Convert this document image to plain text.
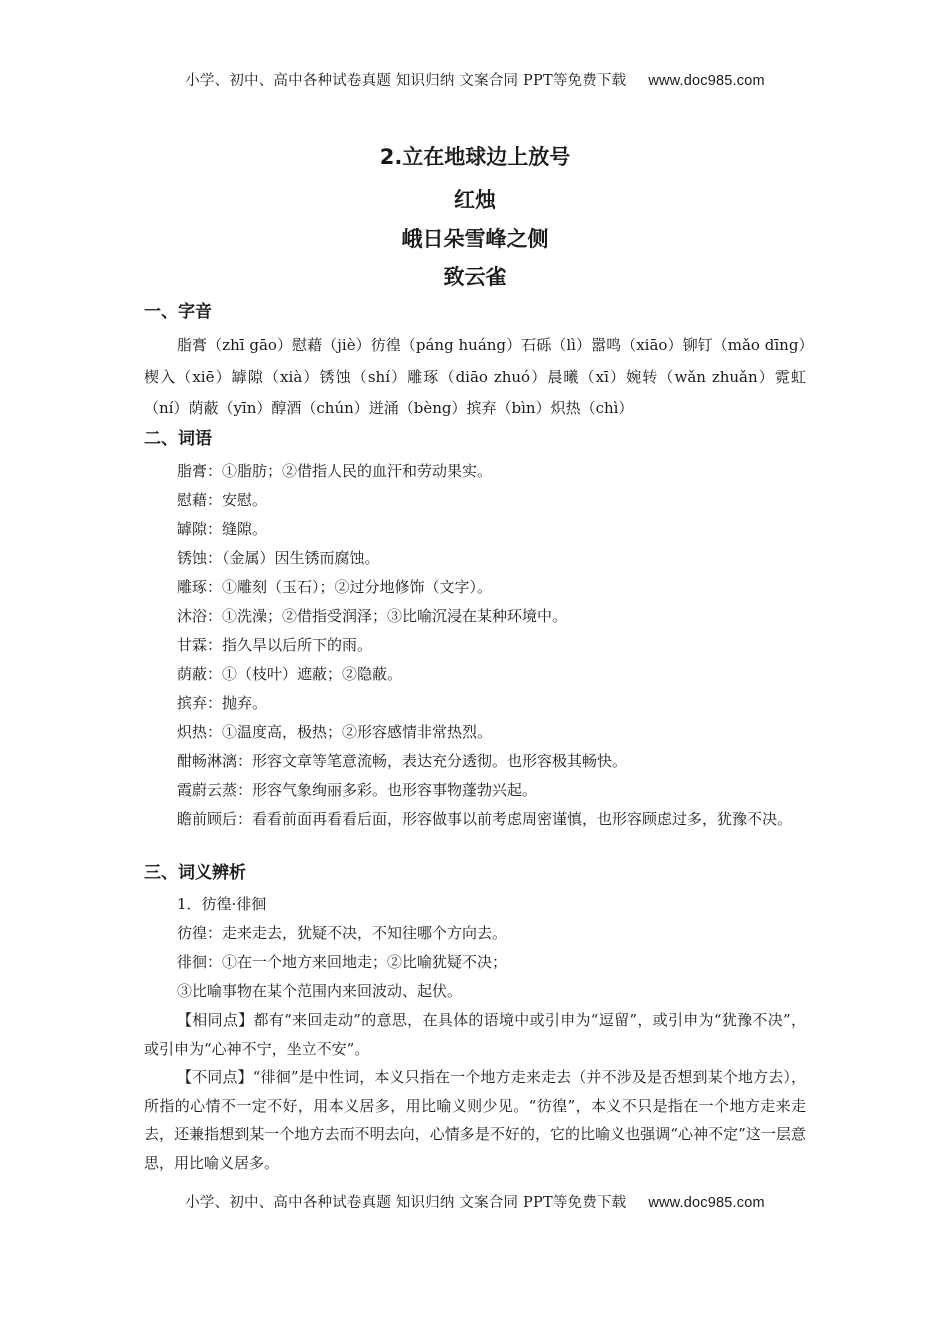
小学、初中、高中各种试卷真题 知识归纳 文案合同 PPT等免费下载 www.doc985.com
2.立在地球边上放号
红烛
峨日朵雪峰之侧
致云雀
一、字音
脂膏（zhī gāo）慰藉（jiè）彷徨（páng huáng）石砾（lì）嚣鸣（xiāo）铆钉（mǎo dīng）楔入（xiē）罅隙（xià）锈蚀（shí）雕琢（diāo zhuó）晨曦（xī）婉转（wǎn zhuǎn）霓虹（ní）荫蔽（yīn）醇酒（chún）迸涌（bèng）摈弃（bìn）炽热（chì）
二、词语
脂膏：①脂肪；②借指人民的血汗和劳动果实。
慰藉：安慰。
罅隙：缝隙。
锈蚀：（金属）因生锈而腐蚀。
雕琢：①雕刻（玉石）；②过分地修饰（文字）。
沐浴：①洗澡；②借指受润泽；③比喻沉浸在某种环境中。
甘霖：指久旱以后所下的雨。
荫蔽：①（枝叶）遮蔽；②隐蔽。
摈弃：抛弃。
炽热：①温度高，极热；②形容感情非常热烈。
酣畅淋漓：形容文章等笔意流畅，表达充分透彻。也形容极其畅快。
霞蔚云蒸：形容气象绚丽多彩。也形容事物蓬勃兴起。
瞻前顾后：看看前面再看看后面，形容做事以前考虑周密谨慎，也形容顾虑过多，犹豫不决。
三、词义辨析
1．彷徨·徘徊
彷徨：走来走去，犹疑不决，不知往哪个方向去。
徘徊：①在一个地方来回地走；②比喻犹疑不决；
③比喻事物在某个范围内来回波动、起伏。
【相同点】都有“来回走动”的意思，在具体的语境中或引申为“逗留”，或引申为“犹豫不决”，或引申为“心神不宁，坐立不安”。
【不同点】“徘徊”是中性词，本义只指在一个地方走来走去（并不涉及是否想到某个地方去），所指的心情不一定不好，用本义居多，用比喻义则少见。“彷徨”，本义不只是指在一个地方走来走去，还兼指想到某一个地方去而不明去向，心情多是不好的，它的比喻义也强调“心神不定”这一层意思，用比喻义居多。
小学、初中、高中各种试卷真题 知识归纳 文案合同 PPT等免费下载 www.doc985.com
